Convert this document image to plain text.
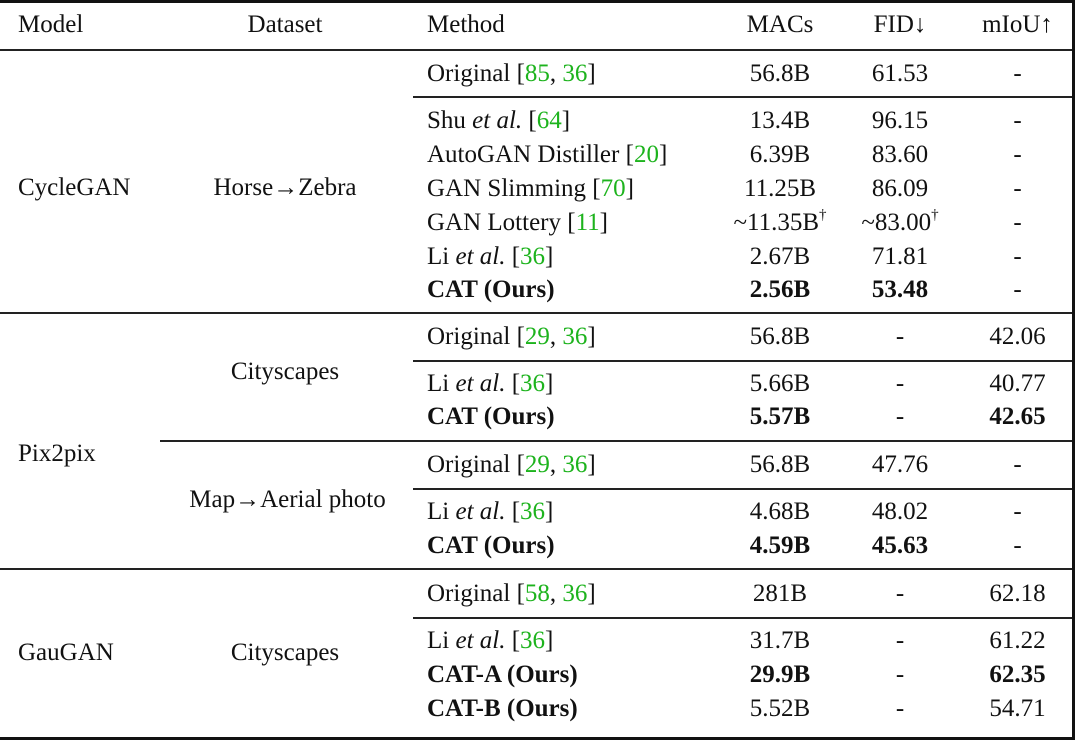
Model	Dataset	Method	MACs	FID↓	mIoU↑
CycleGAN	Horse→Zebra
Original [85, 36]	56.8B	61.53	-
Shu et al. [64]	13.4B	96.15	-
AutoGAN Distiller [20]	6.39B	83.60	-
GAN Slimming [70]	11.25B	86.09	-
GAN Lottery [11]	~11.35B†	~83.00†	-
Li et al. [36]	2.67B	71.81	-
CAT (Ours)	2.56B	53.48	-
Pix2pix
Cityscapes
Map→Aerial photo
Original [29, 36]	56.8B	-	42.06
Li et al. [36]	5.66B	-	40.77
CAT (Ours)	5.57B	-	42.65
Original [29, 36]	56.8B	47.76	-
Li et al. [36]	4.68B	48.02	-
CAT (Ours)	4.59B	45.63	-
GauGAN	Cityscapes
Original [58, 36]	281B	-	62.18
Li et al. [36]	31.7B	-	61.22
CAT-A (Ours)	29.9B	-	62.35
CAT-B (Ours)	5.52B	-	54.71
